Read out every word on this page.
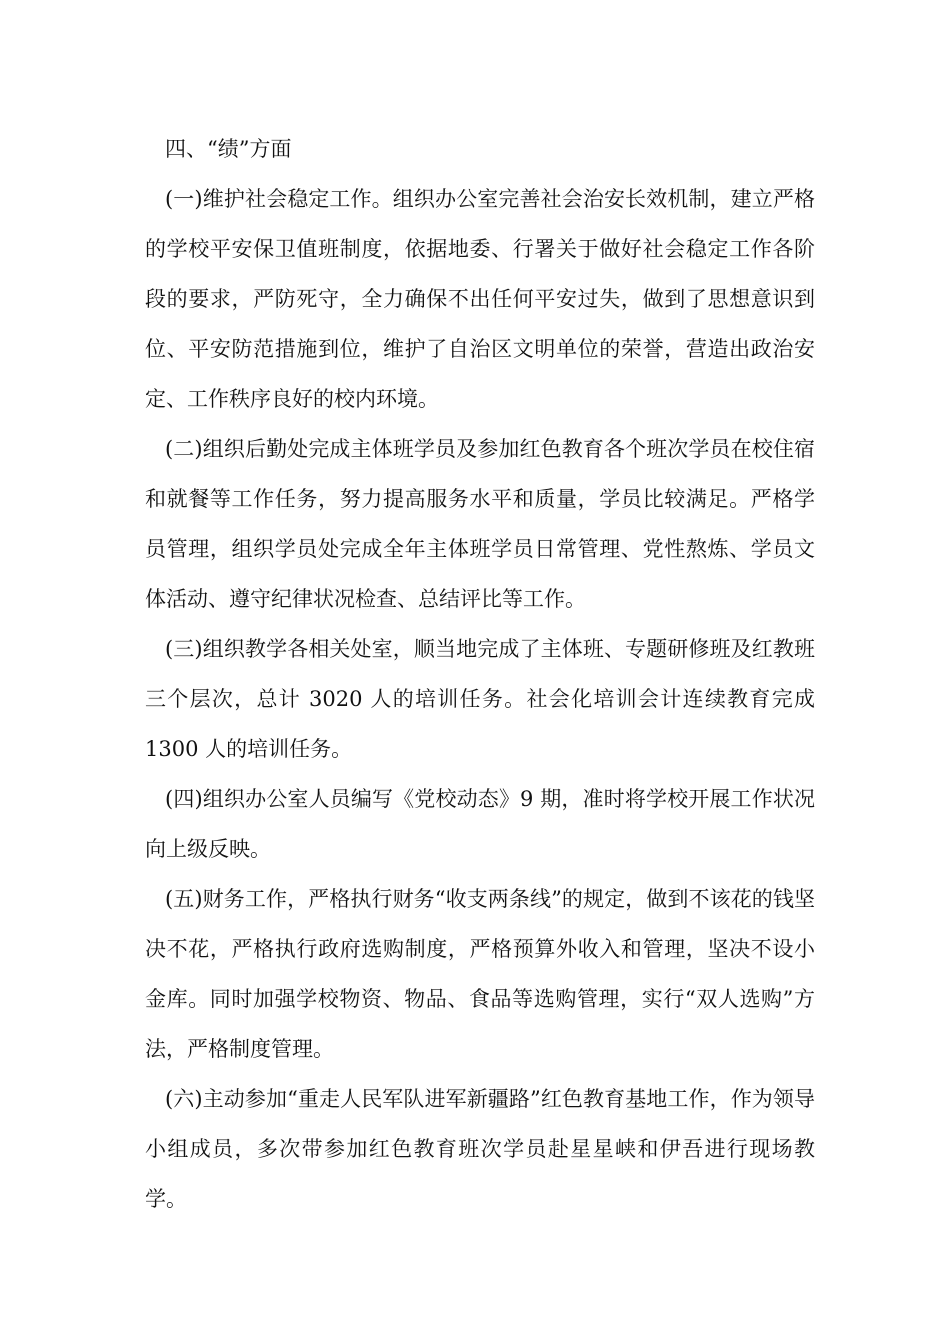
四、“绩”方面

(一)维护社会稳定工作。组织办公室完善社会治安长效机制，建立严格的学校平安保卫值班制度，依据地委、行署关于做好社会稳定工作各阶段的要求，严防死守，全力确保不出任何平安过失，做到了思想意识到位、平安防范措施到位，维护了自治区文明单位的荣誉，营造出政治安定、工作秩序良好的校内环境。

(二)组织后勤处完成主体班学员及参加红色教育各个班次学员在校住宿和就餐等工作任务，努力提高服务水平和质量，学员比较满足。严格学员管理，组织学员处完成全年主体班学员日常管理、党性熬炼、学员文体活动、遵守纪律状况检查、总结评比等工作。

(三)组织教学各相关处室，顺当地完成了主体班、专题研修班及红教班三个层次，总计 3020 人的培训任务。社会化培训会计连续教育完成 1300 人的培训任务。

(四)组织办公室人员编写《党校动态》9 期，准时将学校开展工作状况向上级反映。

(五)财务工作，严格执行财务“收支两条线”的规定，做到不该花的钱坚决不花，严格执行政府选购制度，严格预算外收入和管理，坚决不设小金库。同时加强学校物资、物品、食品等选购管理，实行“双人选购”方法，严格制度管理。

(六)主动参加“重走人民军队进军新疆路”红色教育基地工作，作为领导小组成员，多次带参加红色教育班次学员赴星星峡和伊吾进行现场教学。
